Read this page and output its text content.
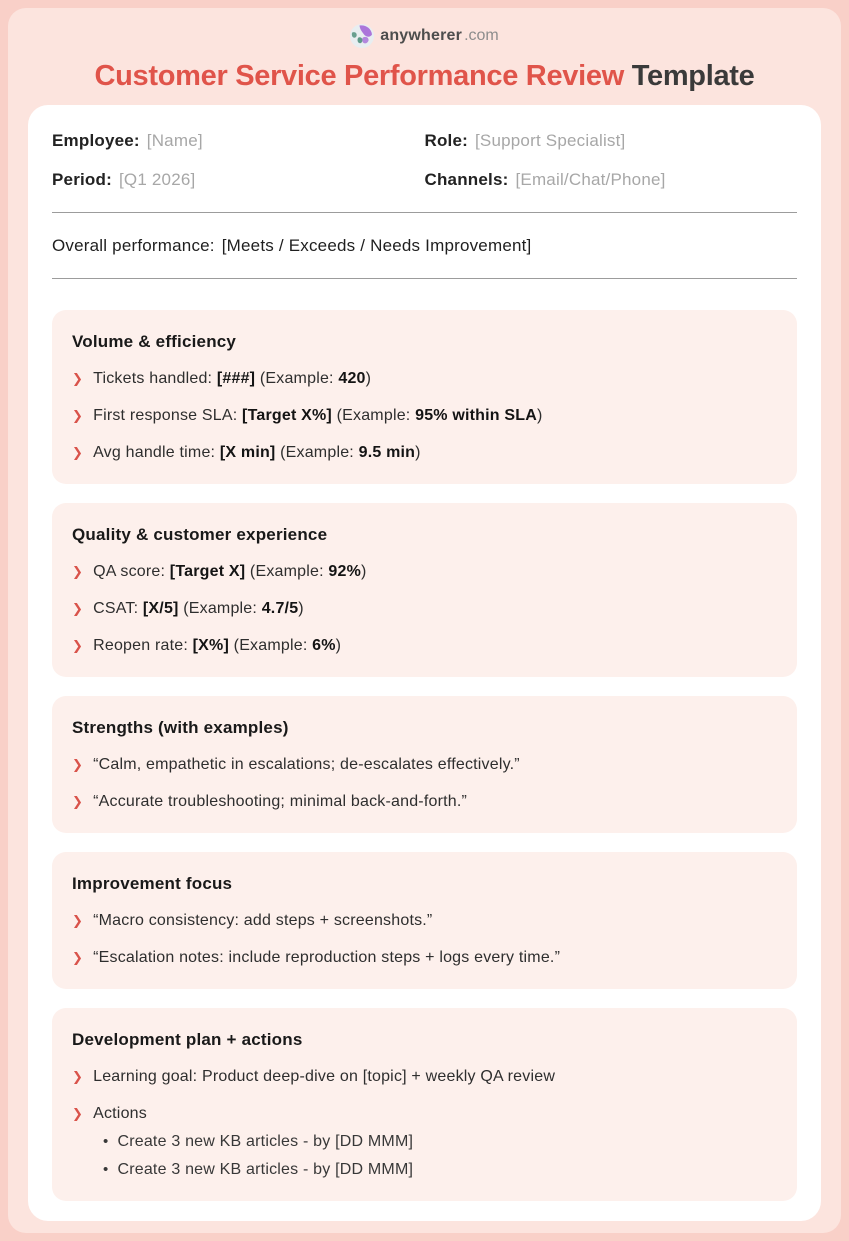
anywherer .com
Customer Service Performance Review Template
Employee: [Name]	Role: [Support Specialist]
Period: [Q1 2026]	Channels: [Email/Chat/Phone]
Overall performance: [Meets / Exceeds / Needs Improvement]
Volume & efficiency
❯ Tickets handled: [###] (Example: 420)
❯ First response SLA: [Target X%] (Example: 95% within SLA)
❯ Avg handle time: [X min] (Example: 9.5 min)
Quality & customer experience
❯ QA score: [Target X] (Example: 92%)
❯ CSAT: [X/5] (Example: 4.7/5)
❯ Reopen rate: [X%] (Example: 6%)
Strengths (with examples)
❯ “Calm, empathetic in escalations; de-escalates effectively.”
❯ “Accurate troubleshooting; minimal back-and-forth.”
Improvement focus
❯ “Macro consistency: add steps + screenshots.”
❯ “Escalation notes: include reproduction steps + logs every time.”
Development plan + actions
❯ Learning goal: Product deep-dive on [topic] + weekly QA review
❯ Actions
• Create 3 new KB articles - by [DD MMM]
• Create 3 new KB articles - by [DD MMM]
